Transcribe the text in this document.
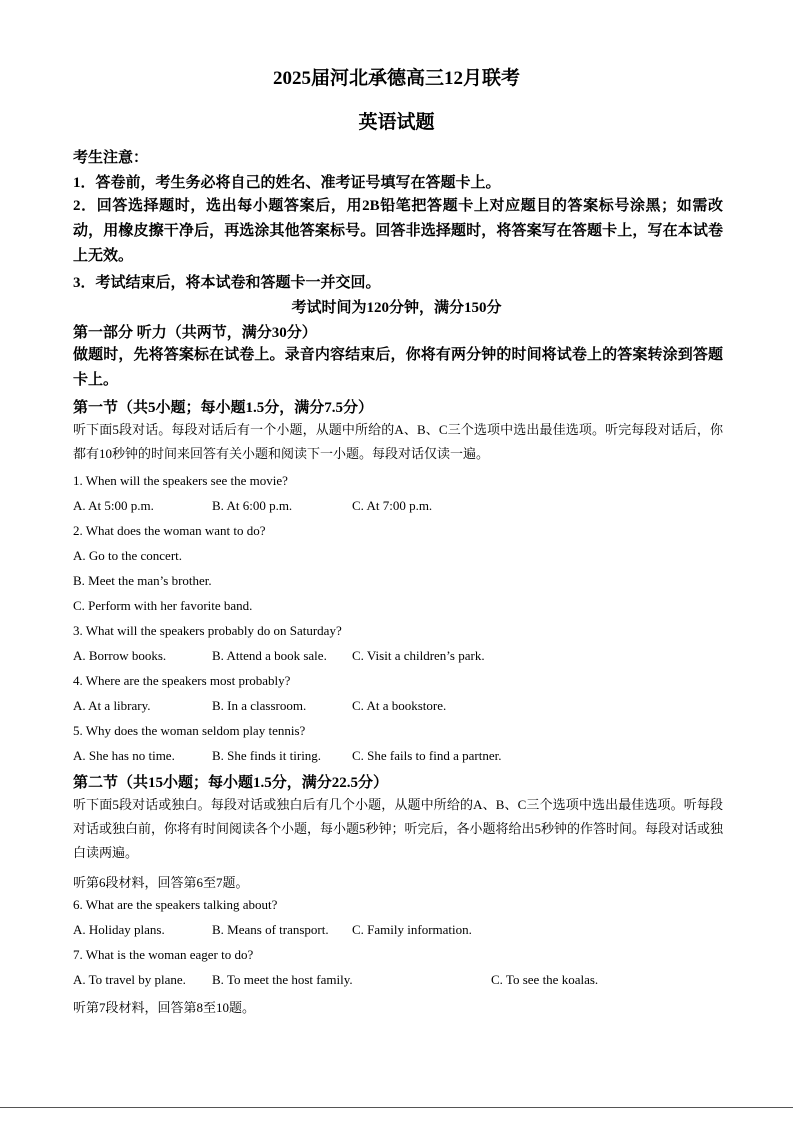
2025届河北承德高三12月联考
英语试题
考生注意：
1．答卷前，考生务必将自己的姓名、准考证号填写在答题卡上。
2．回答选择题时，选出每小题答案后，用2B铅笔把答题卡上对应题目的答案标号涂黑；如需改动，用橡皮擦干净后，再选涂其他答案标号。回答非选择题时，将答案写在答题卡上，写在本试卷上无效。
3．考试结束后，将本试卷和答题卡一并交回。
考试时间为120分钟，满分150分
第一部分 听力（共两节，满分30分）
做题时，先将答案标在试卷上。录音内容结束后，你将有两分钟的时间将试卷上的答案转涂到答题卡上。
第一节（共5小题；每小题1.5分，满分7.5分）
听下面5段对话。每段对话后有一个小题，从题中所给的A、B、C三个选项中选出最佳选项。听完每段对话后，你都有10秒钟的时间来回答有关小题和阅读下一小题。每段对话仅读一遍。
1. When will the speakers see the movie?
A. At 5:00 p.m.	B. At 6:00 p.m.	C. At 7:00 p.m.
2. What does the woman want to do?
A. Go to the concert.
B. Meet the man’s brother.
C. Perform with her favorite band.
3. What will the speakers probably do on Saturday?
A. Borrow books.	B. Attend a book sale. C. Visit a children’s park.
4. Where are the speakers most probably?
A. At a library.	B. In a classroom.	C. At a bookstore.
5. Why does the woman seldom play tennis?
A. She has no time.	B. She finds it tiring. C. She fails to find a partner.
第二节（共15小题；每小题1.5分，满分22.5分）
听下面5段对话或独白。每段对话或独白后有几个小题，从题中所给的A、B、C三个选项中选出最佳选项。听每段对话或独白前，你将有时间阅读各个小题，每小题5秒钟；听完后，各小题将给出5秒钟的作答时间。每段对话或独白读两遍。
听第6段材料，回答第6至7题。
6. What are the speakers talking about?
A. Holiday plans.	B. Means of transport. C. Family information.
7. What is the woman eager to do?
A. To travel by plane. B. To meet the host family.	C. To see the koalas.
听第7段材料，回答第8至10题。
